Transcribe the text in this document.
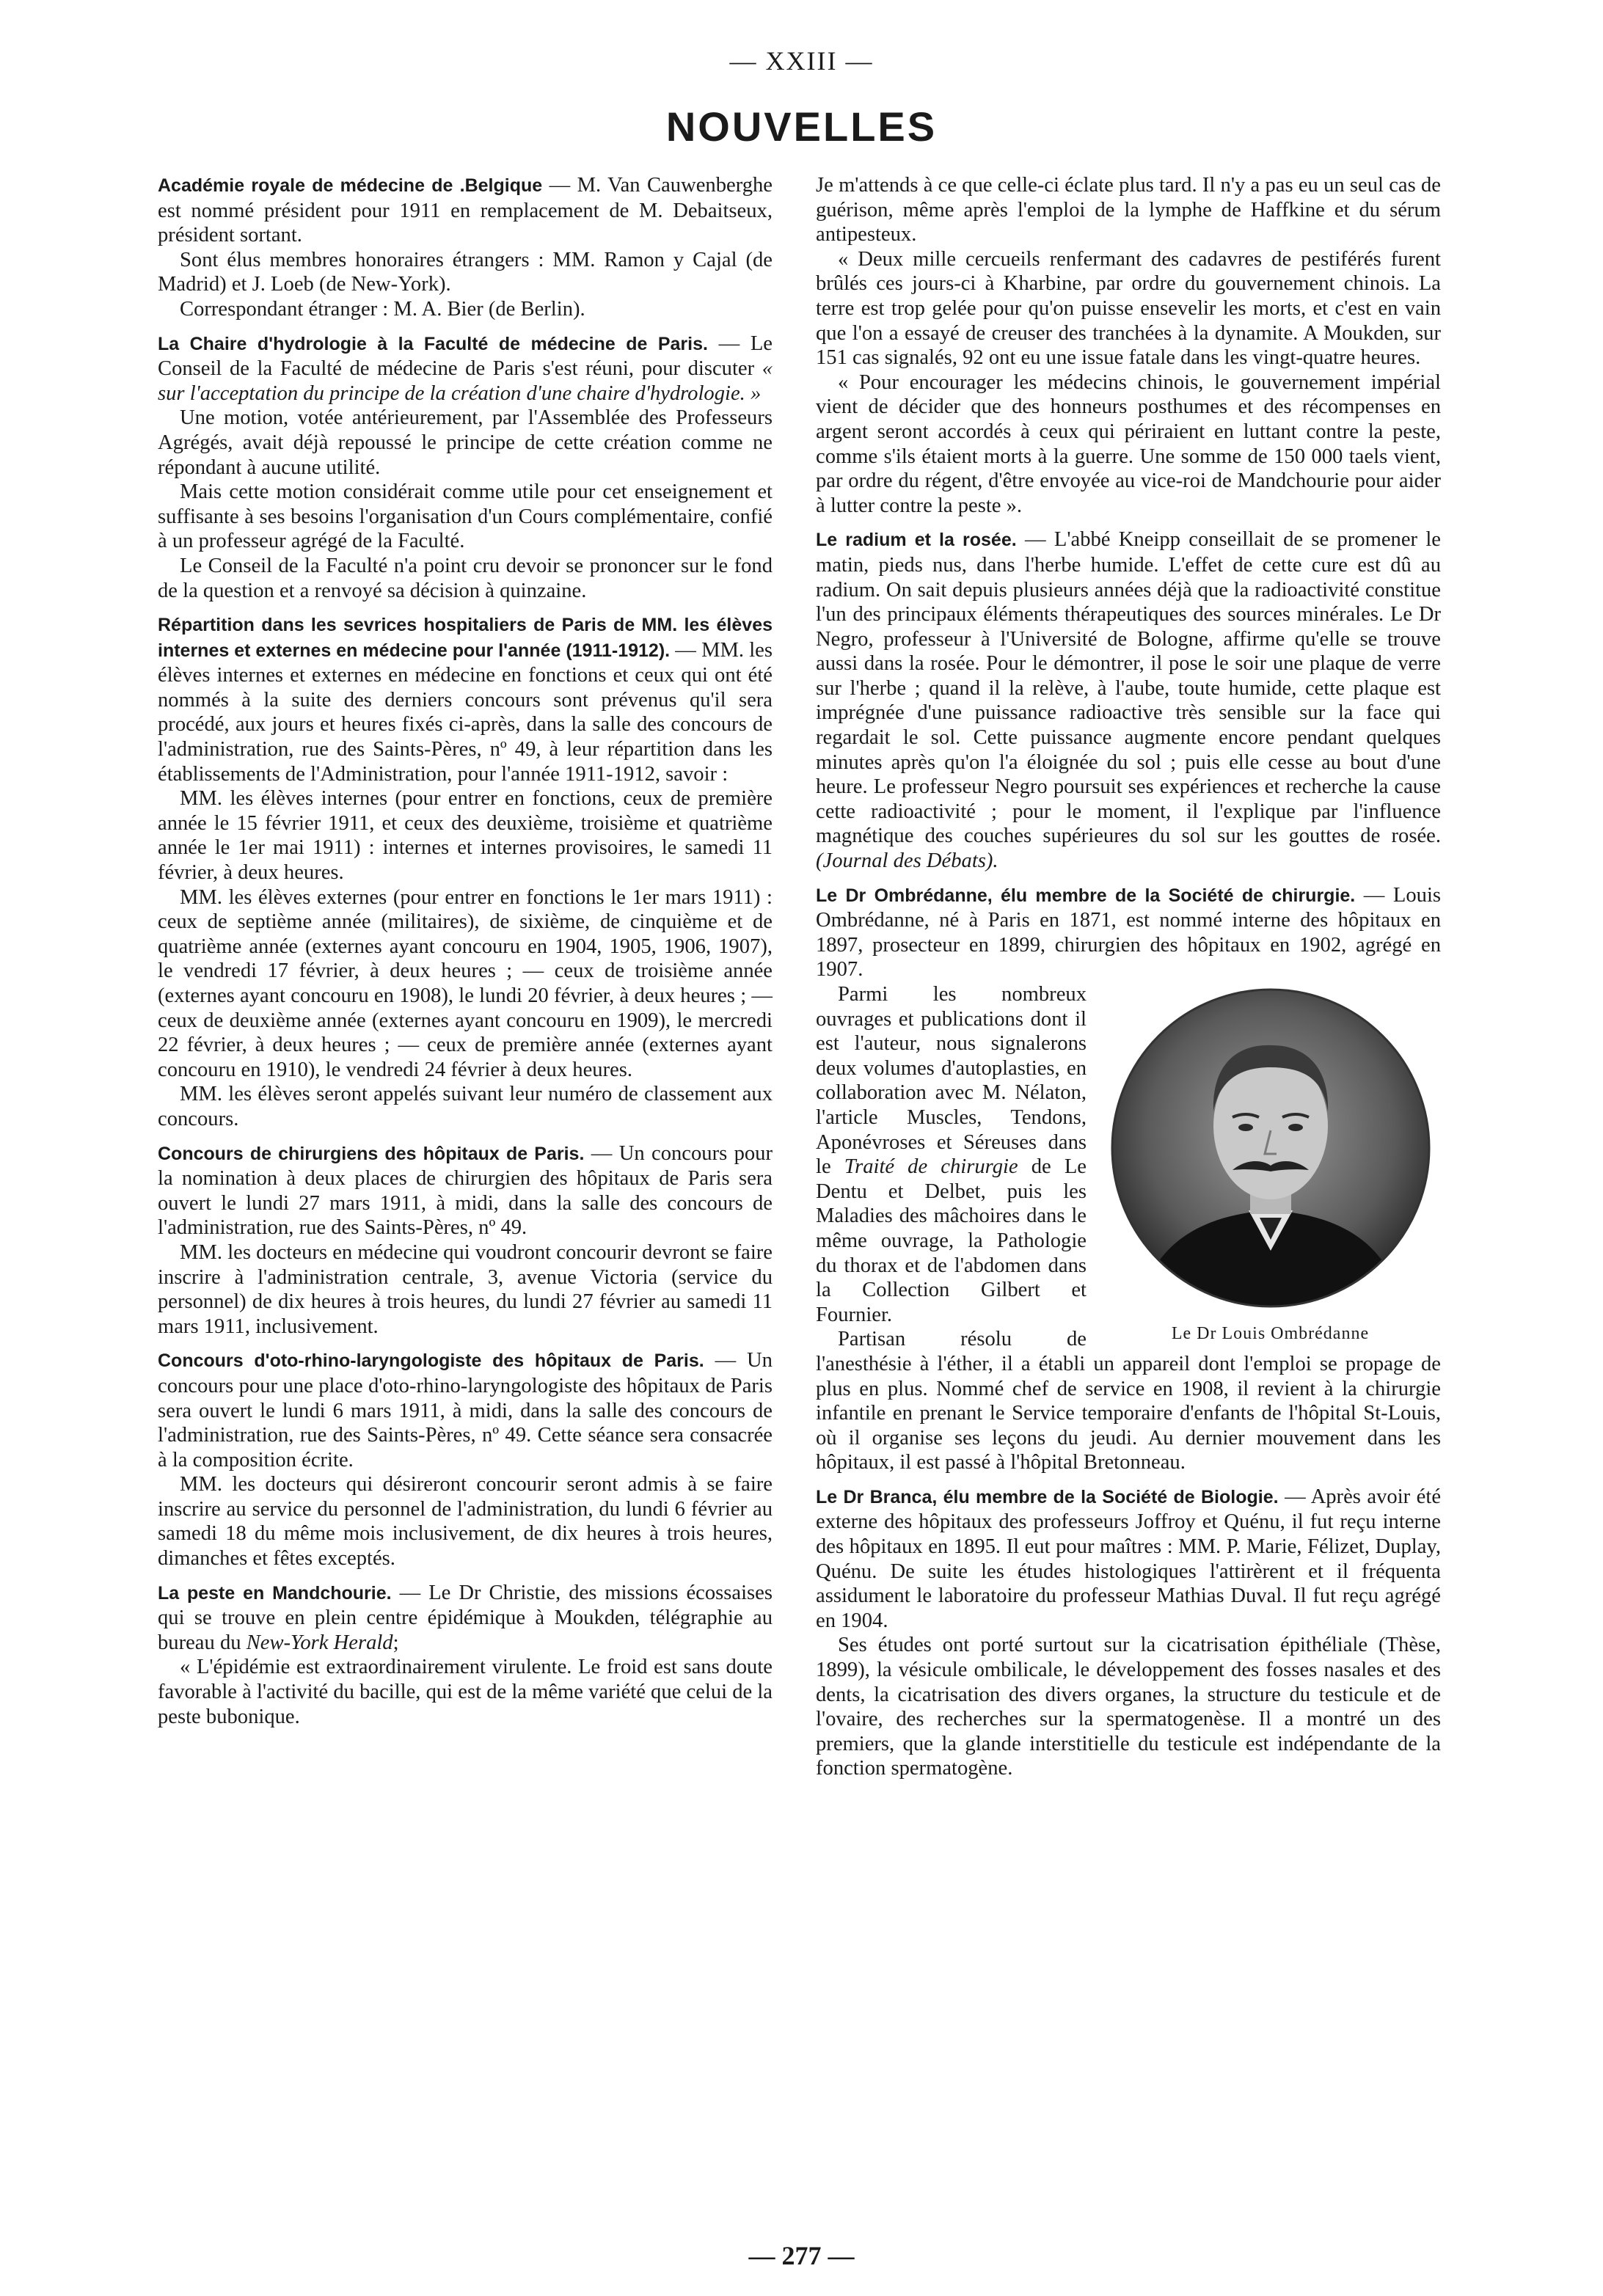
— XXIII —
NOUVELLES

Académie royale de médecine de .Belgique — M. Van Cauwenberghe est nommé président pour 1911 en remplacement de M. Debaitseux, président sortant.

Sont élus membres honoraires étrangers : MM. Ramon y Cajal (de Madrid) et J. Loeb (de New-York).

Correspondant étranger : M. A. Bier (de Berlin).

La Chaire d'hydrologie à la Faculté de médecine de Paris. — Le Conseil de la Faculté de médecine de Paris s'est réuni, pour discuter « sur l'acceptation du principe de la création d'une chaire d'hydrologie. »

Une motion, votée antérieurement, par l'Assemblée des Professeurs Agrégés, avait déjà repoussé le principe de cette création comme ne répondant à aucune utilité.

Mais cette motion considérait comme utile pour cet enseignement et suffisante à ses besoins l'organisation d'un Cours complémentaire, confié à un professeur agrégé de la Faculté.

Le Conseil de la Faculté n'a point cru devoir se prononcer sur le fond de la question et a renvoyé sa décision à quinzaine.

Répartition dans les sevrices hospitaliers de Paris de MM. les élèves internes et externes en médecine pour l'année (1911-1912). — MM. les élèves internes et externes en médecine en fonctions et ceux qui ont été nommés à la suite des derniers concours sont prévenus qu'il sera procédé, aux jours et heures fixés ci-après, dans la salle des concours de l'administration, rue des Saints-Pères, nº 49, à leur répartition dans les établissements de l'Administration, pour l'année 1911-1912, savoir :

MM. les élèves internes (pour entrer en fonctions, ceux de première année le 15 février 1911, et ceux des deuxième, troisième et quatrième année le 1er mai 1911) : internes et internes provisoires, le samedi 11 février, à deux heures.

MM. les élèves externes (pour entrer en fonctions le 1er mars 1911) : ceux de septième année (militaires), de sixième, de cinquième et de quatrième année (externes ayant concouru en 1904, 1905, 1906, 1907), le vendredi 17 février, à deux heures ; — ceux de troisième année (externes ayant concouru en 1908), le lundi 20 février, à deux heures ; — ceux de deuxième année (externes ayant concouru en 1909), le mercredi 22 février, à deux heures ; — ceux de première année (externes ayant concouru en 1910), le vendredi 24 février à deux heures.

MM. les élèves seront appelés suivant leur numéro de classement aux concours.

Concours de chirurgiens des hôpitaux de Paris. — Un concours pour la nomination à deux places de chirurgien des hôpitaux de Paris sera ouvert le lundi 27 mars 1911, à midi, dans la salle des concours de l'administration, rue des Saints-Pères, nº 49.

MM. les docteurs en médecine qui voudront concourir devront se faire inscrire à l'administration centrale, 3, avenue Victoria (service du personnel) de dix heures à trois heures, du lundi 27 février au samedi 11 mars 1911, inclusivement.

Concours d'oto-rhino-laryngologiste des hôpitaux de Paris. — Un concours pour une place d'oto-rhino-laryngologiste des hôpitaux de Paris sera ouvert le lundi 6 mars 1911, à midi, dans la salle des concours de l'administration, rue des Saints-Pères, nº 49. Cette séance sera consacrée à la composition écrite.

MM. les docteurs qui désireront concourir seront admis à se faire inscrire au service du personnel de l'administration, du lundi 6 février au samedi 18 du même mois inclusivement, de dix heures à trois heures, dimanches et fêtes exceptés.

La peste en Mandchourie. — Le Dr Christie, des missions écossaises qui se trouve en plein centre épidémique à Moukden, télégraphie au bureau du New-York Herald;

« L'épidémie est extraordinairement virulente. Le froid est sans doute favorable à l'activité du bacille, qui est de la même variété que celui de la peste bubonique.

Je m'attends à ce que celle-ci éclate plus tard. Il n'y a pas eu un seul cas de guérison, même après l'emploi de la lymphe de Haffkine et du sérum antipesteux.

« Deux mille cercueils renfermant des cadavres de pestiférés furent brûlés ces jours-ci à Kharbine, par ordre du gouvernement chinois. La terre est trop gelée pour qu'on puisse ensevelir les morts, et c'est en vain que l'on a essayé de creuser des tranchées à la dynamite. A Moukden, sur 151 cas signalés, 92 ont eu une issue fatale dans les vingt-quatre heures.

« Pour encourager les médecins chinois, le gouvernement impérial vient de décider que des honneurs posthumes et des récompenses en argent seront accordés à ceux qui périraient en luttant contre la peste, comme s'ils étaient morts à la guerre. Une somme de 150 000 taels vient, par ordre du régent, d'être envoyée au vice-roi de Mandchourie pour aider à lutter contre la peste ».

Le radium et la rosée. — L'abbé Kneipp conseillait de se promener le matin, pieds nus, dans l'herbe humide. L'effet de cette cure est dû au radium. On sait depuis plusieurs années déjà que la radioactivité constitue l'un des principaux éléments thérapeutiques des sources minérales. Le Dr Negro, professeur à l'Université de Bologne, affirme qu'elle se trouve aussi dans la rosée. Pour le démontrer, il pose le soir une plaque de verre sur l'herbe ; quand il la relève, à l'aube, toute humide, cette plaque est imprégnée d'une puissance radioactive très sensible sur la face qui regardait le sol. Cette puissance augmente encore pendant quelques minutes après qu'on l'a éloignée du sol ; puis elle cesse au bout d'une heure. Le professeur Negro poursuit ses expériences et recherche la cause cette radioactivité ; pour le moment, il l'explique par l'influence magnétique des couches supérieures du sol sur les gouttes de rosée. (Journal des Débats).

Le Dr Ombrédanne, élu membre de la Société de chirurgie. — Louis Ombrédanne, né à Paris en 1871, est nommé interne des hôpitaux en 1897, prosecteur en 1899, chirurgien des hôpitaux en 1902, agrégé en 1907.

Le Dr Louis Ombrédanne

Parmi les nombreux ouvrages et publications dont il est l'auteur, nous signalerons deux volumes d'autoplasties, en collaboration avec M. Nélaton, l'article Muscles, Tendons, Aponévroses et Séreuses dans le Traité de chirurgie de Le Dentu et Delbet, puis les Maladies des mâchoires dans le même ouvrage, la Pathologie du thorax et de l'abdomen dans la Collection Gilbert et Fournier.

Partisan résolu de l'anesthésie à l'éther, il a établi un appareil dont l'emploi se propage de plus en plus. Nommé chef de service en 1908, il revient à la chirurgie infantile en prenant le Service temporaire d'enfants de l'hôpital St-Louis, où il organise ses leçons du jeudi. Au dernier mouvement dans les hôpitaux, il est passé à l'hôpital Bretonneau.

Le Dr Branca, élu membre de la Société de Biologie. — Après avoir été externe des hôpitaux des professeurs Joffroy et Quénu, il fut reçu interne des hôpitaux en 1895. Il eut pour maîtres : MM. P. Marie, Félizet, Duplay, Quénu. De suite les études histologiques l'attirèrent et il fréquenta assidument le laboratoire du professeur Mathias Duval. Il fut reçu agrégé en 1904.

Ses études ont porté surtout sur la cicatrisation épithéliale (Thèse, 1899), la vésicule ombilicale, le développement des fosses nasales et des dents, la cicatrisation des divers organes, la structure du testicule et de l'ovaire, des recherches sur la spermatogenèse. Il a montré un des premiers, que la glande interstitielle du testicule est indépendante de la fonction spermatogène.

— 277 —
